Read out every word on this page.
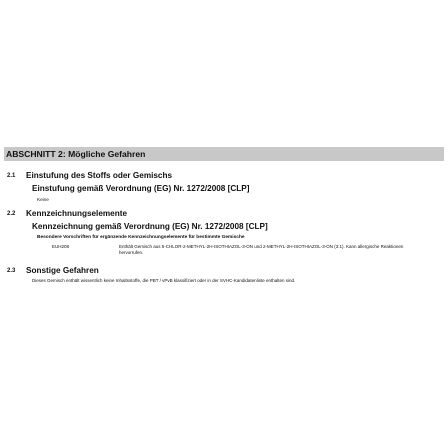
ABSCHNITT 2: Mögliche Gefahren
2.1 Einstufung des Stoffs oder Gemischs
Einstufung gemäß Verordnung (EG) Nr. 1272/2008 [CLP]
Keine
2.2 Kennzeichnungselemente
Kennzeichnung gemäß Verordnung (EG) Nr. 1272/2008 [CLP]
Besondere Vorschriften für ergänzende Kennzeichnungselemente für bestimmte Gemische
EUH208	Enthält Gemisch aus 5-CHLOR-2-METHYL-2H-ISOTHIAZOL-3-ON und 2-METHYL-2H-ISOTHIAZOL-3-ON (3:1). Kann allergische Reaktionen hervorrufen.
2.3 Sonstige Gefahren
Dieses Gemisch enthält wissentlich keine Inhaltsstoffe, die PBT / vPvB klassifiziert oder in der SVHC-Kandidatenliste enthalten sind.
